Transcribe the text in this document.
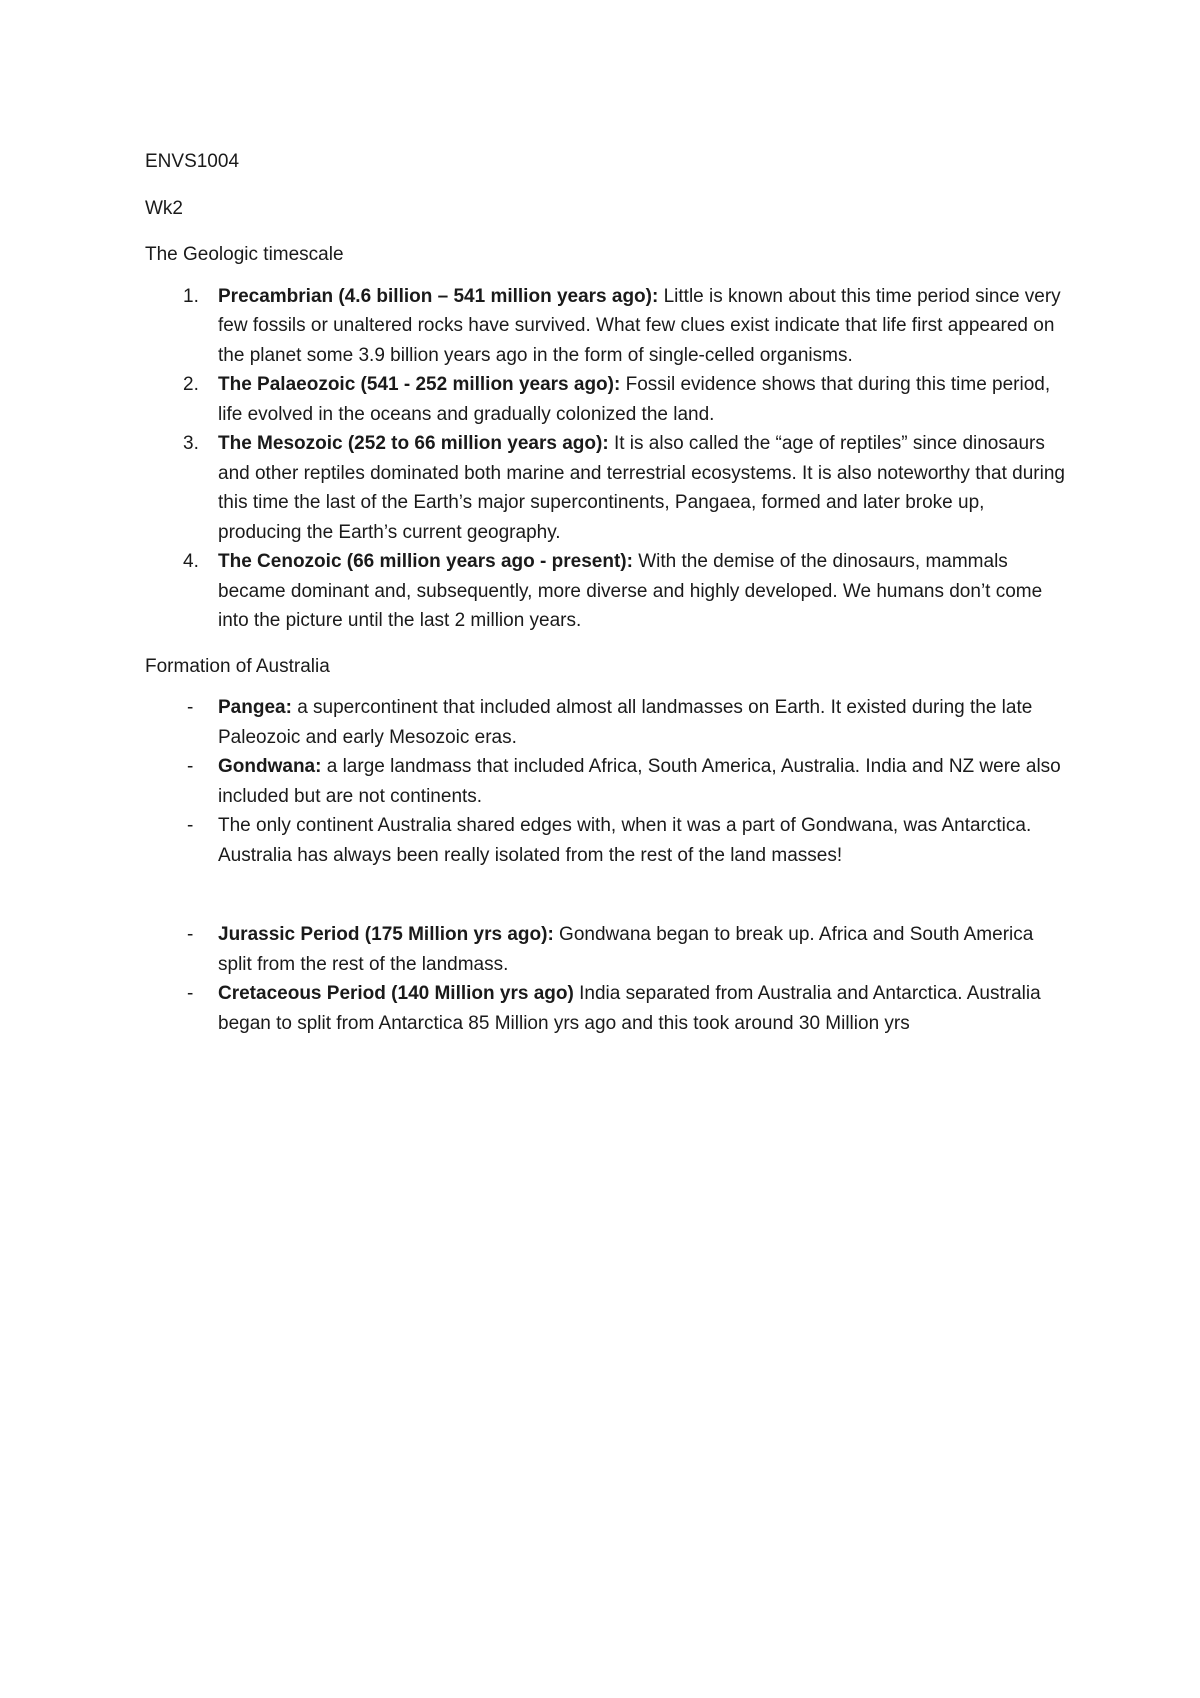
ENVS1004
Wk2
The Geologic timescale
1. Precambrian (4.6 billion – 541 million years ago): Little is known about this time period since very few fossils or unaltered rocks have survived. What few clues exist indicate that life first appeared on the planet some 3.9 billion years ago in the form of single-celled organisms.
2. The Palaeozoic (541 - 252 million years ago): Fossil evidence shows that during this time period, life evolved in the oceans and gradually colonized the land.
3. The Mesozoic (252 to 66 million years ago): It is also called the “age of reptiles” since dinosaurs and other reptiles dominated both marine and terrestrial ecosystems. It is also noteworthy that during this time the last of the Earth’s major supercontinents, Pangaea, formed and later broke up, producing the Earth’s current geography.
4. The Cenozoic (66 million years ago - present): With the demise of the dinosaurs, mammals became dominant and, subsequently, more diverse and highly developed. We humans don’t come into the picture until the last 2 million years.
Formation of Australia
- Pangea: a supercontinent that included almost all landmasses on Earth. It existed during the late Paleozoic and early Mesozoic eras.
- Gondwana: a large landmass that included Africa, South America, Australia. India and NZ were also included but are not continents.
- The only continent Australia shared edges with, when it was a part of Gondwana, was Antarctica. Australia has always been really isolated from the rest of the land masses!
- Jurassic Period (175 Million yrs ago): Gondwana began to break up. Africa and South America split from the rest of the landmass.
- Cretaceous Period (140 Million yrs ago) India separated from Australia and Antarctica. Australia began to split from Antarctica 85 Million yrs ago and this took around 30 Million yrs
